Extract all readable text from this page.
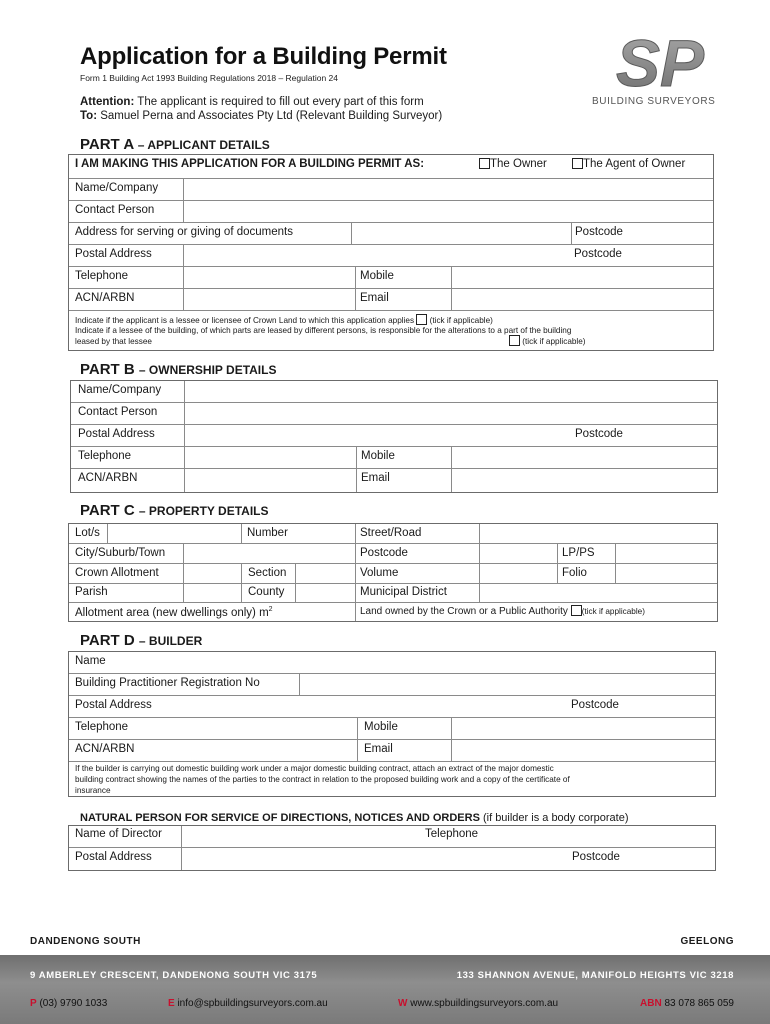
Application for a Building Permit
Form 1 Building Act 1993 Building Regulations 2018 – Regulation 24
Attention: The applicant is required to fill out every part of this form
To: Samuel Perna and Associates Pty Ltd (Relevant Building Surveyor)
SP
BUILDING SURVEYORS
PART A – APPLICANT DETAILS
I AM MAKING THIS APPLICATION FOR A BUILDING PERMIT AS:	The Owner	The Agent of Owner
Name/Company
Contact Person
Address for serving or giving of documents	Postcode
Postal Address	Postcode
Telephone	Mobile
ACN/ARBN	Email
Indicate if the applicant is a lessee or licensee of Crown Land to which this application applies (tick if applicable)
Indicate if a lessee of the building, of which parts are leased by different persons, is responsible for the alterations to a part of the building
leased by that lessee	(tick if applicable)
PART B – OWNERSHIP DETAILS
Name/Company
Contact Person
Postal Address	Postcode
Telephone	Mobile
ACN/ARBN	Email
PART C – PROPERTY DETAILS
Lot/s	Number	Street/Road
City/Suburb/Town	Postcode	LP/PS
Crown Allotment	Section	Volume	Folio
Parish	County	Municipal District
Allotment area (new dwellings only) $m^2$	Land owned by the Crown or a Public Authority (tick if applicable)
PART D – BUILDER
Name
Building Practitioner Registration No
Postal Address	Postcode
Telephone	Mobile
ACN/ARBN	Email
If the builder is carrying out domestic building work under a major domestic building contract, attach an extract of the major domestic
building contract showing the names of the parties to the contract in relation to the proposed building work and a copy of the certificate of
insurance
NATURAL PERSON FOR SERVICE OF DIRECTIONS, NOTICES AND ORDERS (if builder is a body corporate)
Name of Director	Telephone
Postal Address	Postcode
DANDENONG SOUTH	GEELONG
9 AMBERLEY CRESCENT, DANDENONG SOUTH VIC 3175	133 SHANNON AVENUE, MANIFOLD HEIGHTS VIC 3218
P (03) 9790 1033	E info@spbuildingsurveyors.com.au	W www.spbuildingsurveyors.com.au	ABN 83 078 865 059
